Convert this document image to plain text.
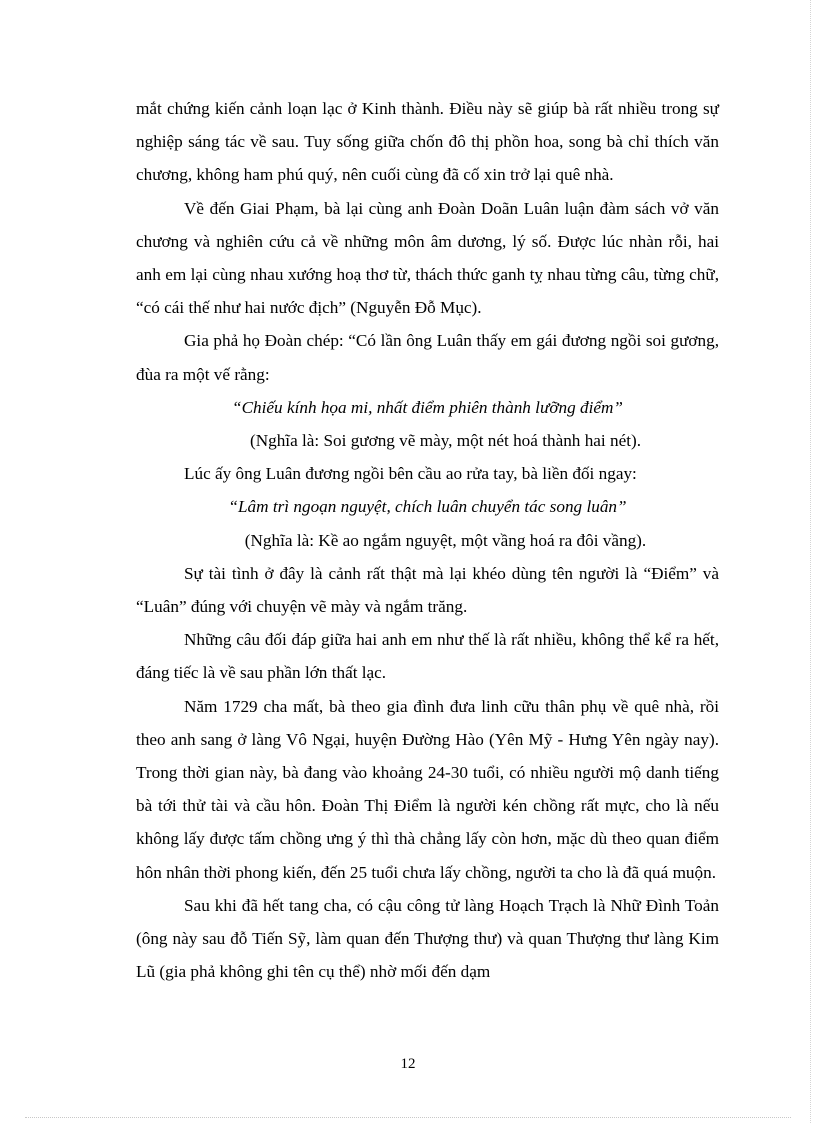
mắt chứng kiến cảnh loạn lạc ở Kinh thành. Điều này sẽ giúp bà rất nhiều trong sự nghiệp sáng tác về sau. Tuy sống giữa chốn đô thị phồn hoa, song bà chỉ thích văn chương, không ham phú quý, nên cuối cùng đã cố xin trở lại quê nhà.

Về đến Giai Phạm, bà lại cùng anh Đoàn Doãn Luân luận đàm sách vở văn chương và nghiên cứu cả về những môn âm dương, lý số. Được lúc nhàn rỗi, hai anh em lại cùng nhau xướng hoạ thơ từ, thách thức ganh tỵ nhau từng câu, từng chữ, “có cái thế như hai nước địch” (Nguyễn Đỗ Mục).

Gia phả họ Đoàn chép: “Có lần ông Luân thấy em gái đương ngồi soi gương, đùa ra một vế rằng:

“Chiếu kính họa mi, nhất điểm phiên thành lưỡng điểm”

(Nghĩa là: Soi gương vẽ mày, một nét hoá thành hai nét).

Lúc ấy ông Luân đương ngồi bên cầu ao rửa tay, bà liền đối ngay:

“Lâm trì ngoạn nguyệt, chích luân chuyển tác song luân”

(Nghĩa là: Kề ao ngắm nguyệt, một vầng hoá ra đôi vầng).

Sự tài tình ở đây là cảnh rất thật mà lại khéo dùng tên người là “Điểm” và “Luân” đúng với chuyện vẽ mày và ngắm trăng.

Những câu đối đáp giữa hai anh em như thế là rất nhiều, không thể kể ra hết, đáng tiếc là về sau phần lớn thất lạc.

Năm 1729 cha mất, bà theo gia đình đưa linh cữu thân phụ về quê nhà, rồi theo anh sang ở làng Vô Ngại, huyện Đường Hào (Yên Mỹ - Hưng Yên ngày nay). Trong thời gian này, bà đang vào khoảng 24-30 tuổi, có nhiều người mộ danh tiếng bà tới thử tài và cầu hôn. Đoàn Thị Điểm là người kén chồng rất mực, cho là nếu không lấy được tấm chồng ưng ý thì thà chẳng lấy còn hơn, mặc dù theo quan điểm hôn nhân thời phong kiến, đến 25 tuổi chưa lấy chồng, người ta cho là đã quá muộn.

Sau khi đã hết tang cha, có cậu công tử làng Hoạch Trạch là Nhữ Đình Toản (ông này sau đỗ Tiến Sỹ, làm quan đến Thượng thư) và quan Thượng thư làng Kim Lũ (gia phả không ghi tên cụ thể) nhờ mối đến dạm

12
